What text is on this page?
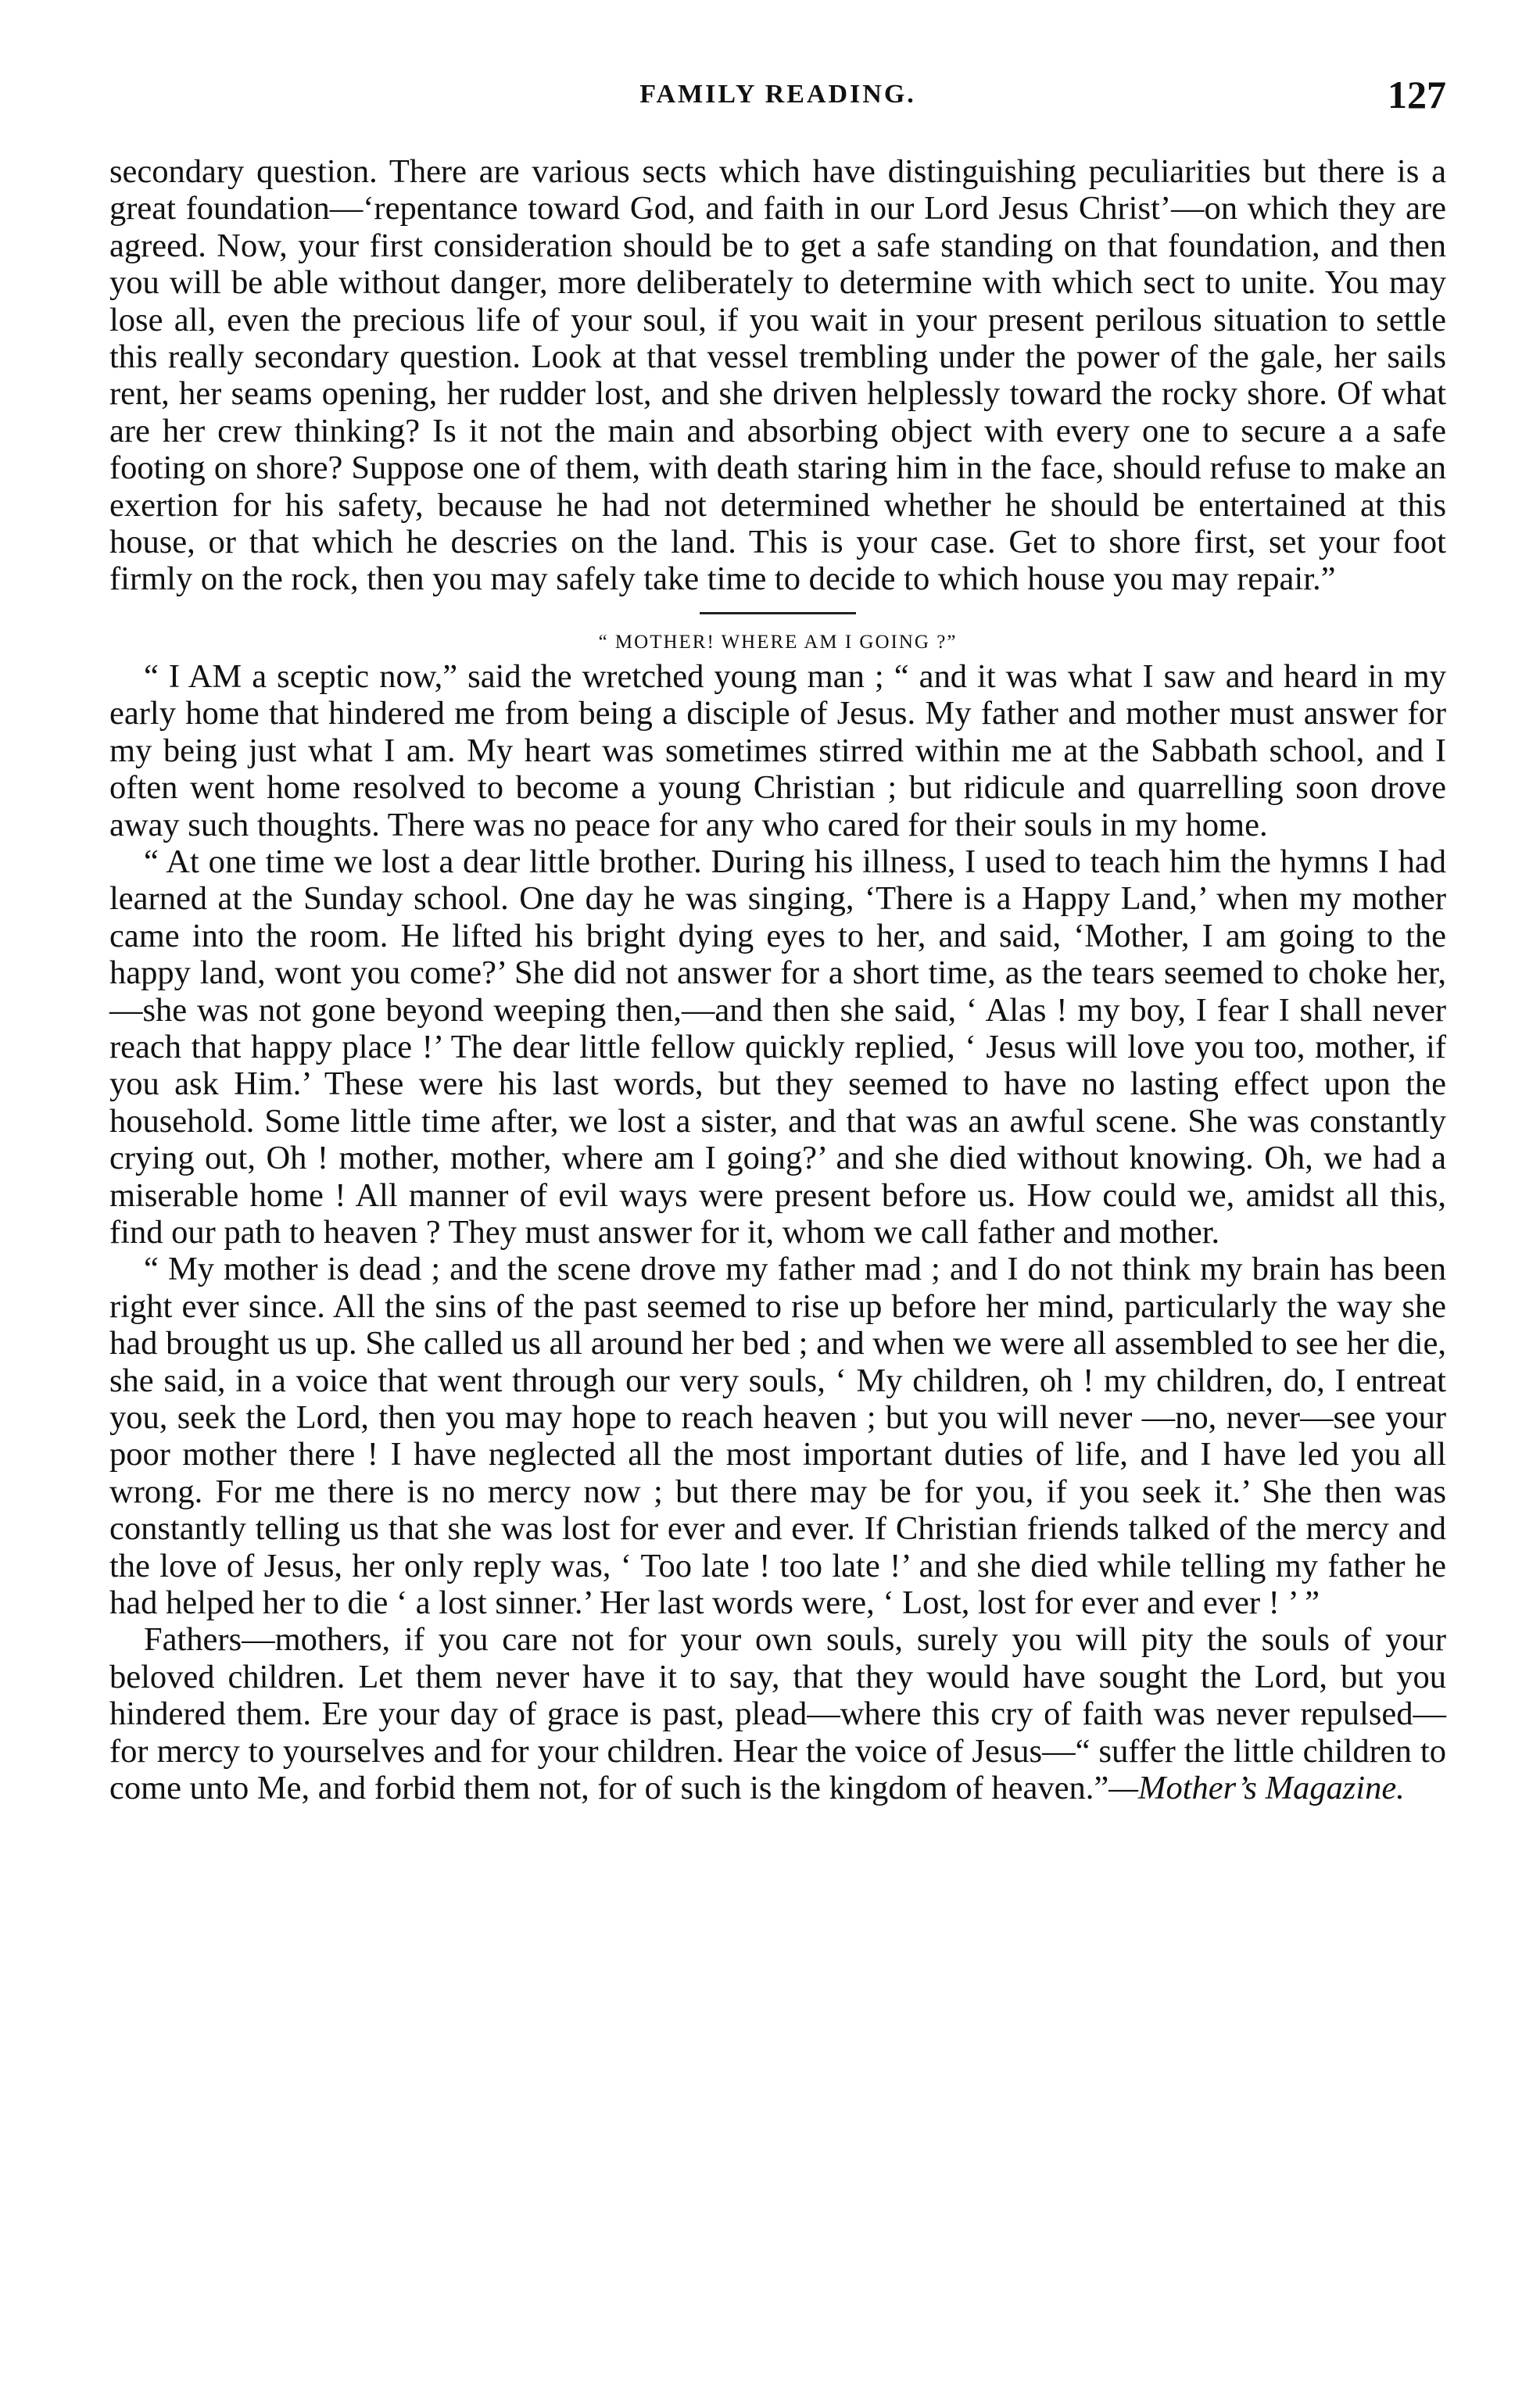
FAMILY READING.	127

secondary question. There are various sects which have distinguishing peculiarities but there is a great foundation—‘repentance toward God, and faith in our Lord Jesus Christ’—on which they are agreed. Now, your first consideration should be to get a safe standing on that foundation, and then you will be able without danger, more deliberately to determine with which sect to unite. You may lose all, even the precious life of your soul, if you wait in your present perilous situation to settle this really secondary question. Look at that vessel trembling under the power of the gale, her sails rent, her seams opening, her rudder lost, and she driven helplessly toward the rocky shore. Of what are her crew thinking? Is it not the main and absorbing object with every one to secure a a safe footing on shore? Suppose one of them, with death staring him in the face, should refuse to make an exertion for his safety, because he had not determined whether he should be entertained at this house, or that which he descries on the land. This is your case. Get to shore first, set your foot firmly on the rock, then you may safely take time to decide to which house you may repair.”

“ MOTHER! WHERE AM I GOING ?”

“ I AM a sceptic now,” said the wretched young man ; “ and it was what I saw and heard in my early home that hindered me from being a disciple of Jesus. My father and mother must answer for my being just what I am. My heart was sometimes stirred within me at the Sabbath school, and I often went home resolved to become a young Christian ; but ridicule and quarrelling soon drove away such thoughts. There was no peace for any who cared for their souls in my home.

“ At one time we lost a dear little brother. During his illness, I used to teach him the hymns I had learned at the Sunday school. One day he was singing, ‘There is a Happy Land,’ when my mother came into the room. He lifted his bright dying eyes to her, and said, ‘Mother, I am going to the happy land, wont you come?’ She did not answer for a short time, as the tears seemed to choke her,—she was not gone beyond weeping then,—and then she said, ‘ Alas ! my boy, I fear I shall never reach that happy place !’ The dear little fellow quickly replied, ‘ Jesus will love you too, mother, if you ask Him.’ These were his last words, but they seemed to have no lasting effect upon the household. Some little time after, we lost a sister, and that was an awful scene. She was constantly crying out, Oh ! mother, mother, where am I going?’ and she died without knowing. Oh, we had a miserable home ! All manner of evil ways were present before us. How could we, amidst all this, find our path to heaven ? They must answer for it, whom we call father and mother.

“ My mother is dead ; and the scene drove my father mad ; and I do not think my brain has been right ever since. All the sins of the past seemed to rise up before her mind, particularly the way she had brought us up. She called us all around her bed ; and when we were all assembled to see her die, she said, in a voice that went through our very souls, ‘ My children, oh ! my children, do, I entreat you, seek the Lord, then you may hope to reach heaven ; but you will never —no, never—see your poor mother there ! I have neglected all the most important duties of life, and I have led you all wrong. For me there is no mercy now ; but there may be for you, if you seek it.’ She then was constantly telling us that she was lost for ever and ever. If Christian friends talked of the mercy and the love of Jesus, her only reply was, ‘ Too late ! too late !’ and she died while telling my father he had helped her to die ‘ a lost sinner.’ Her last words were, ‘ Lost, lost for ever and ever ! ’ ”

Fathers—mothers, if you care not for your own souls, surely you will pity the souls of your beloved children. Let them never have it to say, that they would have sought the Lord, but you hindered them. Ere your day of grace is past, plead—where this cry of faith was never repulsed—for mercy to yourselves and for your children. Hear the voice of Jesus—“ suffer the little children to come unto Me, and forbid them not, for of such is the kingdom of heaven.”—Mother’s Magazine.
